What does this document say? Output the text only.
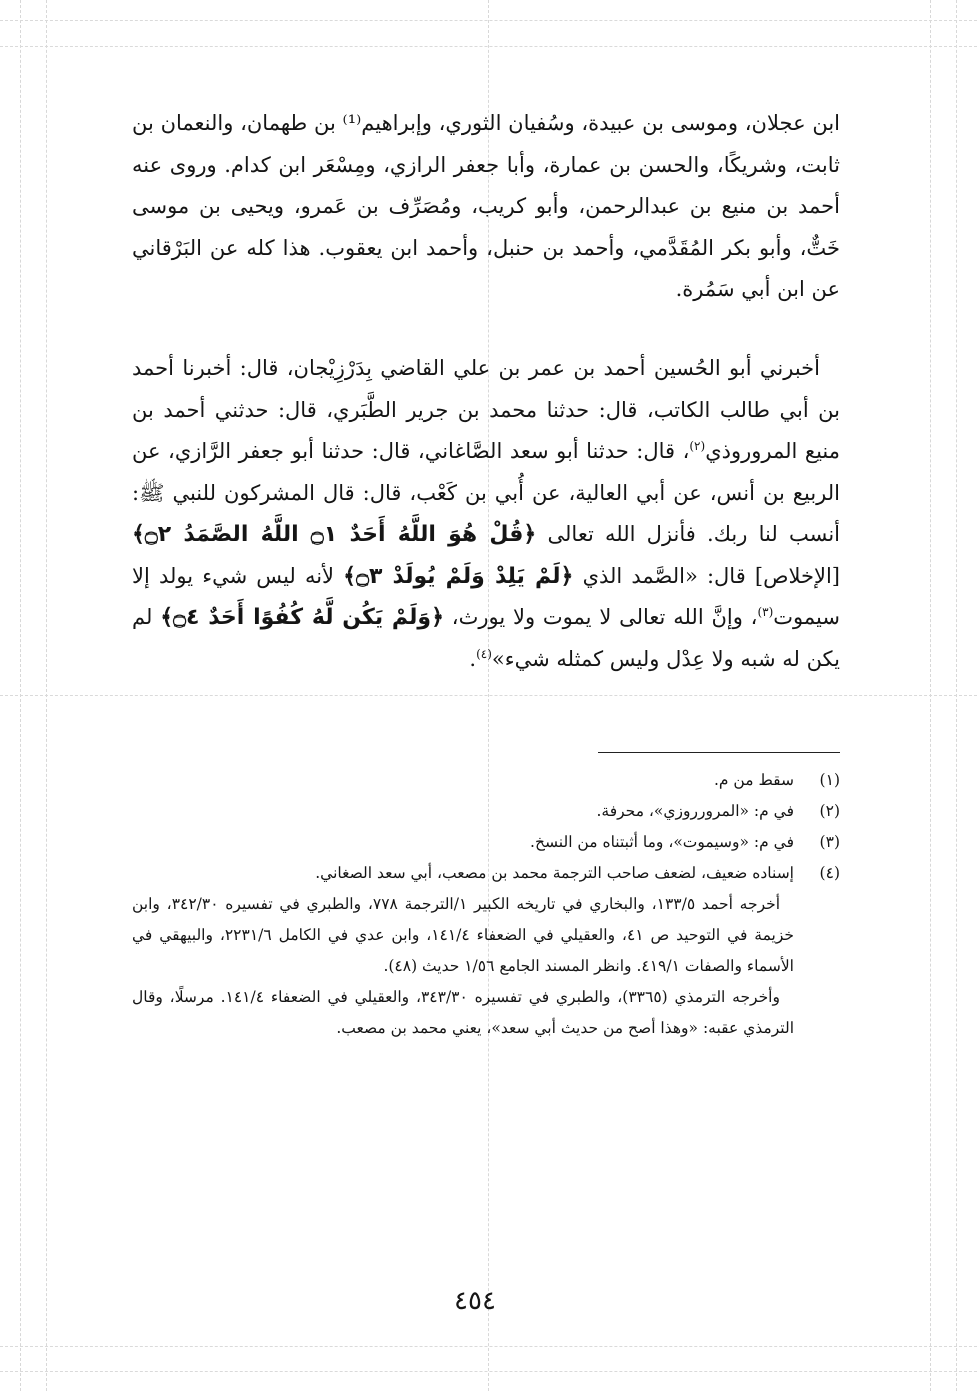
ابن عجلان، وموسى بن عبيدة، وسُفيان الثوري، وإبراهيم⁽¹⁾ بن طهمان، والنعمان بن ثابت، وشريكًا، والحسن بن عمارة، وأبا جعفر الرازي، ومِسْعَر ابن كدام. وروى عنه أحمد بن منيع بن عبدالرحمن، وأبو كريب، ومُصَرِّف بن عَمرو، ويحيى بن موسى خَتٌّ، وأبو بكر المُقَدَّمي، وأحمد بن حنبل، وأحمد ابن يعقوب. هذا كله عن البَرْقاني عن ابن أبي سَمُرة.

أخبرني أبو الحُسين أحمد بن عمر بن علي القاضي بِدَرْزِيْجان، قال: أخبرنا أحمد بن أبي طالب الكاتب، قال: حدثنا محمد بن جرير الطَّبَري، قال: حدثني أحمد بن منيع المروروذي$^{(٢)}$، قال: حدثنا أبو سعد الصَّاغاني، قال: حدثنا أبو جعفر الرَّازي، عن الربيع بن أنس، عن أبي العالية، عن أُبي بن كَعْب، قال: قال المشركون للنبي ﷺ: أنسب لنا ربك. فأنزل الله تعالى ﴿قُلْ هُوَ اللَّهُ أَحَدٌ ۝١ اللَّهُ الصَّمَدُ ۝٢﴾ [الإخلاص] قال: «الصَّمد الذي ﴿لَمْ يَلِدْ وَلَمْ يُولَدْ ۝٣﴾ لأنه ليس شيء يولد إلا سيموت$^{(٣)}$، وإنَّ الله تعالى لا يموت ولا يورث، ﴿وَلَمْ يَكُن لَّهُ كُفُوًا أَحَدٌ ۝٤﴾ لم يكن له شبه ولا عِدْل وليس كمثله شيء»$^{(٤)}$.

(١)
سقط من م.
(٢)
في م: «المرورروزي»، محرفة.
(٣)
في م: «وسيموت»، وما أثبتناه من النسخ.
(٤)
إسناده ضعيف، لضعف صاحب الترجمة محمد بن مصعب، أبي سعد الصغاني.

أخرجه أحمد ١٣٣/٥، والبخاري في تاريخه الكبير ١/الترجمة ٧٧٨، والطبري في تفسيره ٣٤٢/٣٠، وابن خزيمة في التوحيد ص ٤١، والعقيلي في الضعفاء ١٤١/٤، وابن عدي في الكامل ٢٢٣١/٦، والبيهقي في الأسماء والصفات ٤١٩/١. وانظر المسند الجامع ١/٥٦ حديث (٤٨).

وأخرجه الترمذي (٣٣٦٥)، والطبري في تفسيره ٣٤٣/٣٠، والعقيلي في الضعفاء ١٤١/٤. مرسلًا، وقال الترمذي عقبه: «وهذا أصح من حديث أبي سعد»، يعني محمد بن مصعب.

٤٥٤
